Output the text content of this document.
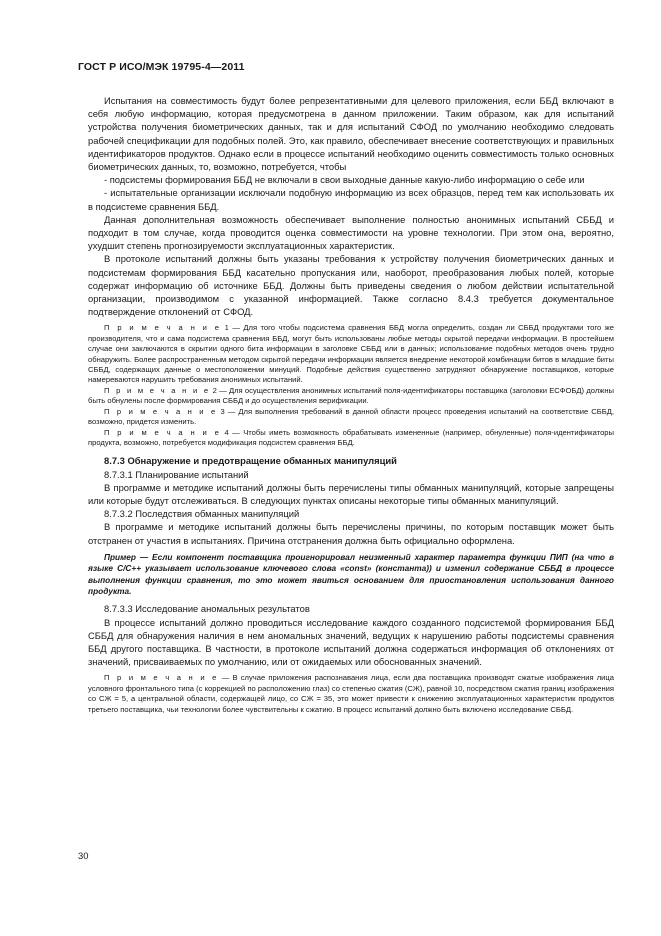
ГОСТ Р ИСО/МЭК 19795-4—2011

Испытания на совместимость будут более репрезентативными для целевого приложения, если ББД включают в себя любую информацию, которая предусмотрена в данном приложении. Таким образом, как для испытаний устройства получения биометрических данных, так и для испытаний СФОД по умолчанию необходимо следовать рабочей спецификации для подобных полей. Это, как правило, обеспечивает внесение соответствующих и правильных идентификаторов продуктов. Однако если в процессе испытаний необходимо оценить совместимость только основных биометрических данных, то, возможно, потребуется, чтобы

- подсистемы формирования ББД не включали в свои выходные данные какую-либо информацию о себе или

- испытательные организации исключали подобную информацию из всех образцов, перед тем как использовать их в подсистеме сравнения ББД.

Данная дополнительная возможность обеспечивает выполнение полностью анонимных испытаний СББД и подходит в том случае, когда проводится оценка совместимости на уровне технологии. При этом она, вероятно, ухудшит степень прогнозируемости эксплуатационных характеристик.

В протоколе испытаний должны быть указаны требования к устройству получения биометрических данных и подсистемам формирования ББД касательно пропускания или, наоборот, преобразования любых полей, которые содержат информацию об источнике ББД. Должны быть приведены сведения о любом действии испытательной организации, производимом с указанной информацией. Также согласно 8.4.3 требуется документальное подтверждение отклонений от СФОД.

П р и м е ч а н и е 1 — Для того чтобы подсистема сравнения ББД могла определить, создан ли СББД продуктами того же производителя, что и сама подсистема сравнения ББД, могут быть использованы любые методы скрытой передачи информации. В простейшем случае они заключаются в скрытии одного бита информации в заголовке СББД или в данных; использование подобных методов очень трудно обнаружить. Более распространенным методом скрытой передачи информации является внедрение некоторой комбинации битов в младшие биты СББД, содержащих данные о местоположении минуций. Подобные действия существенно затрудняют обнаружение поставщиков, которые намереваются нарушить требования анонимных испытаний.

П р и м е ч а н и е 2 — Для осуществления анонимных испытаний поля-идентификаторы поставщика (заголовки ЕСФОБД) должны быть обнулены после формирования СББД и до осуществления верификации.

П р и м е ч а н и е 3 — Для выполнения требований в данной области процесс проведения испытаний на соответствие СББД, возможно, придется изменить.

П р и м е ч а н и е 4 — Чтобы иметь возможность обрабатывать измененные (например, обнуленные) поля-идентификаторы продукта, возможно, потребуется модификация подсистем сравнения ББД.

8.7.3 Обнаружение и предотвращение обманных манипуляций

8.7.3.1 Планирование испытаний

В программе и методике испытаний должны быть перечислены типы обманных манипуляций, которые запрещены или которые будут отслеживаться. В следующих пунктах описаны некоторые типы обманных манипуляций.

8.7.3.2 Последствия обманных манипуляций

В программе и методике испытаний должны быть перечислены причины, по которым поставщик может быть отстранен от участия в испытаниях. Причина отстранения должна быть официально оформлена.

Пример — Если компонент поставщика проигнорировал неизменный характер параметра функции ПИП (на что в языке C/C++ указывает использование ключевого слова «const» (константа)) и изменил содержание СББД в процессе выполнения функции сравнения, то это может явиться основанием для приостановления использования данного продукта.

8.7.3.3 Исследование аномальных результатов

В процессе испытаний должно проводиться исследование каждого созданного подсистемой формирования ББД СББД для обнаружения наличия в нем аномальных значений, ведущих к нарушению работы подсистемы сравнения ББД другого поставщика. В частности, в протоколе испытаний должна содержаться информация об отклонениях от значений, присваиваемых по умолчанию, или от ожидаемых или обоснованных значений.

П р и м е ч а н и е — В случае приложения распознавания лица, если два поставщика производят сжатые изображения лица условного фронтального типа (с коррекцией по расположению глаз) со степенью сжатия (СЖ), равной 10, посредством сжатия границ изображения со СЖ = 5, а центральной области, содержащей лицо, со СЖ = 35, это может привести к снижению эксплуатационных характеристик продуктов третьего поставщика, чьи технологии более чувствительны к сжатию. В процесс испытаний должно быть включено исследование СББД.

30
